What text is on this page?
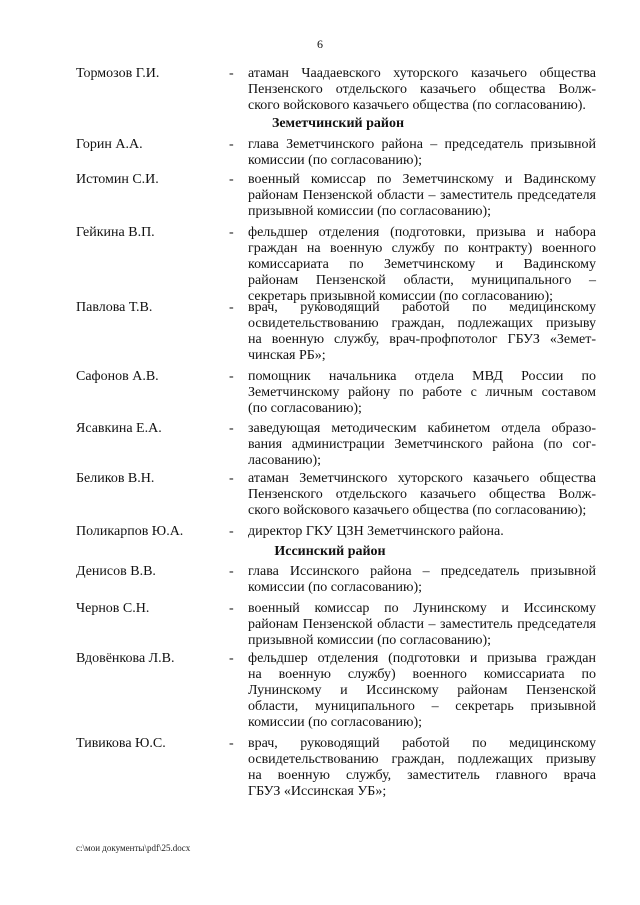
6
Тормозов Г.И.	- атаман Чаадаевского хуторского казачьего общества
Пензенского отдельского казачьего общества Волж-
ского войскового казачьего общества (по согласованию).
Земетчинский район
Горин А.А.	- глава Земетчинского района – председатель призывной
комиссии (по согласованию);
Истомин С.И.	- военный комиссар по Земетчинскому и Вадинскому
районам Пензенской области – заместитель председателя
призывной комиссии (по согласованию);
Гейкина В.П.	- фельдшер отделения (подготовки, призыва и набора
граждан на военную службу по контракту) военного
комиссариата по Земетчинскому и Вадинскому
районам Пензенской области, муниципального –
секретарь призывной комиссии (по согласованию);
Павлова Т.В.	- врач, руководящий работой по медицинскому
освидетельствованию граждан, подлежащих призыву
на военную службу, врач-профпотолог ГБУЗ «Земет-
чинская РБ»;
Сафонов А.В.	- помощник начальника отдела МВД России по
Земетчинскому району по работе с личным составом
(по согласованию);
Ясавкина Е.А.	- заведующая методическим кабинетом отдела образо-
вания администрации Земетчинского района (по сог-
ласованию);
Беликов В.Н.	- атаман Земетчинского хуторского казачьего общества
Пензенского отдельского казачьего общества Волж-
ского войскового казачьего общества (по согласованию);
Поликарпов Ю.А.	- директор ГКУ ЦЗН Земетчинского района.
Иссинский район
Денисов В.В.	- глава Иссинского района – председатель призывной
комиссии (по согласованию);
Чернов С.Н.	- военный комиссар по Лунинскому и Иссинскому
районам Пензенской области – заместитель председателя
призывной комиссии (по согласованию);
Вдовёнкова Л.В.	- фельдшер отделения (подготовки и призыва граждан
на военную службу) военного комиссариата по
Лунинскому и Иссинскому районам Пензенской
области, муниципального – секретарь призывной
комиссии (по согласованию);
Тивикова Ю.С.	- врач, руководящий работой по медицинскому
освидетельствованию граждан, подлежащих призыву
на военную службу, заместитель главного врача
ГБУЗ «Иссинская УБ»;
c:\мои документы\pdf\25.docx
